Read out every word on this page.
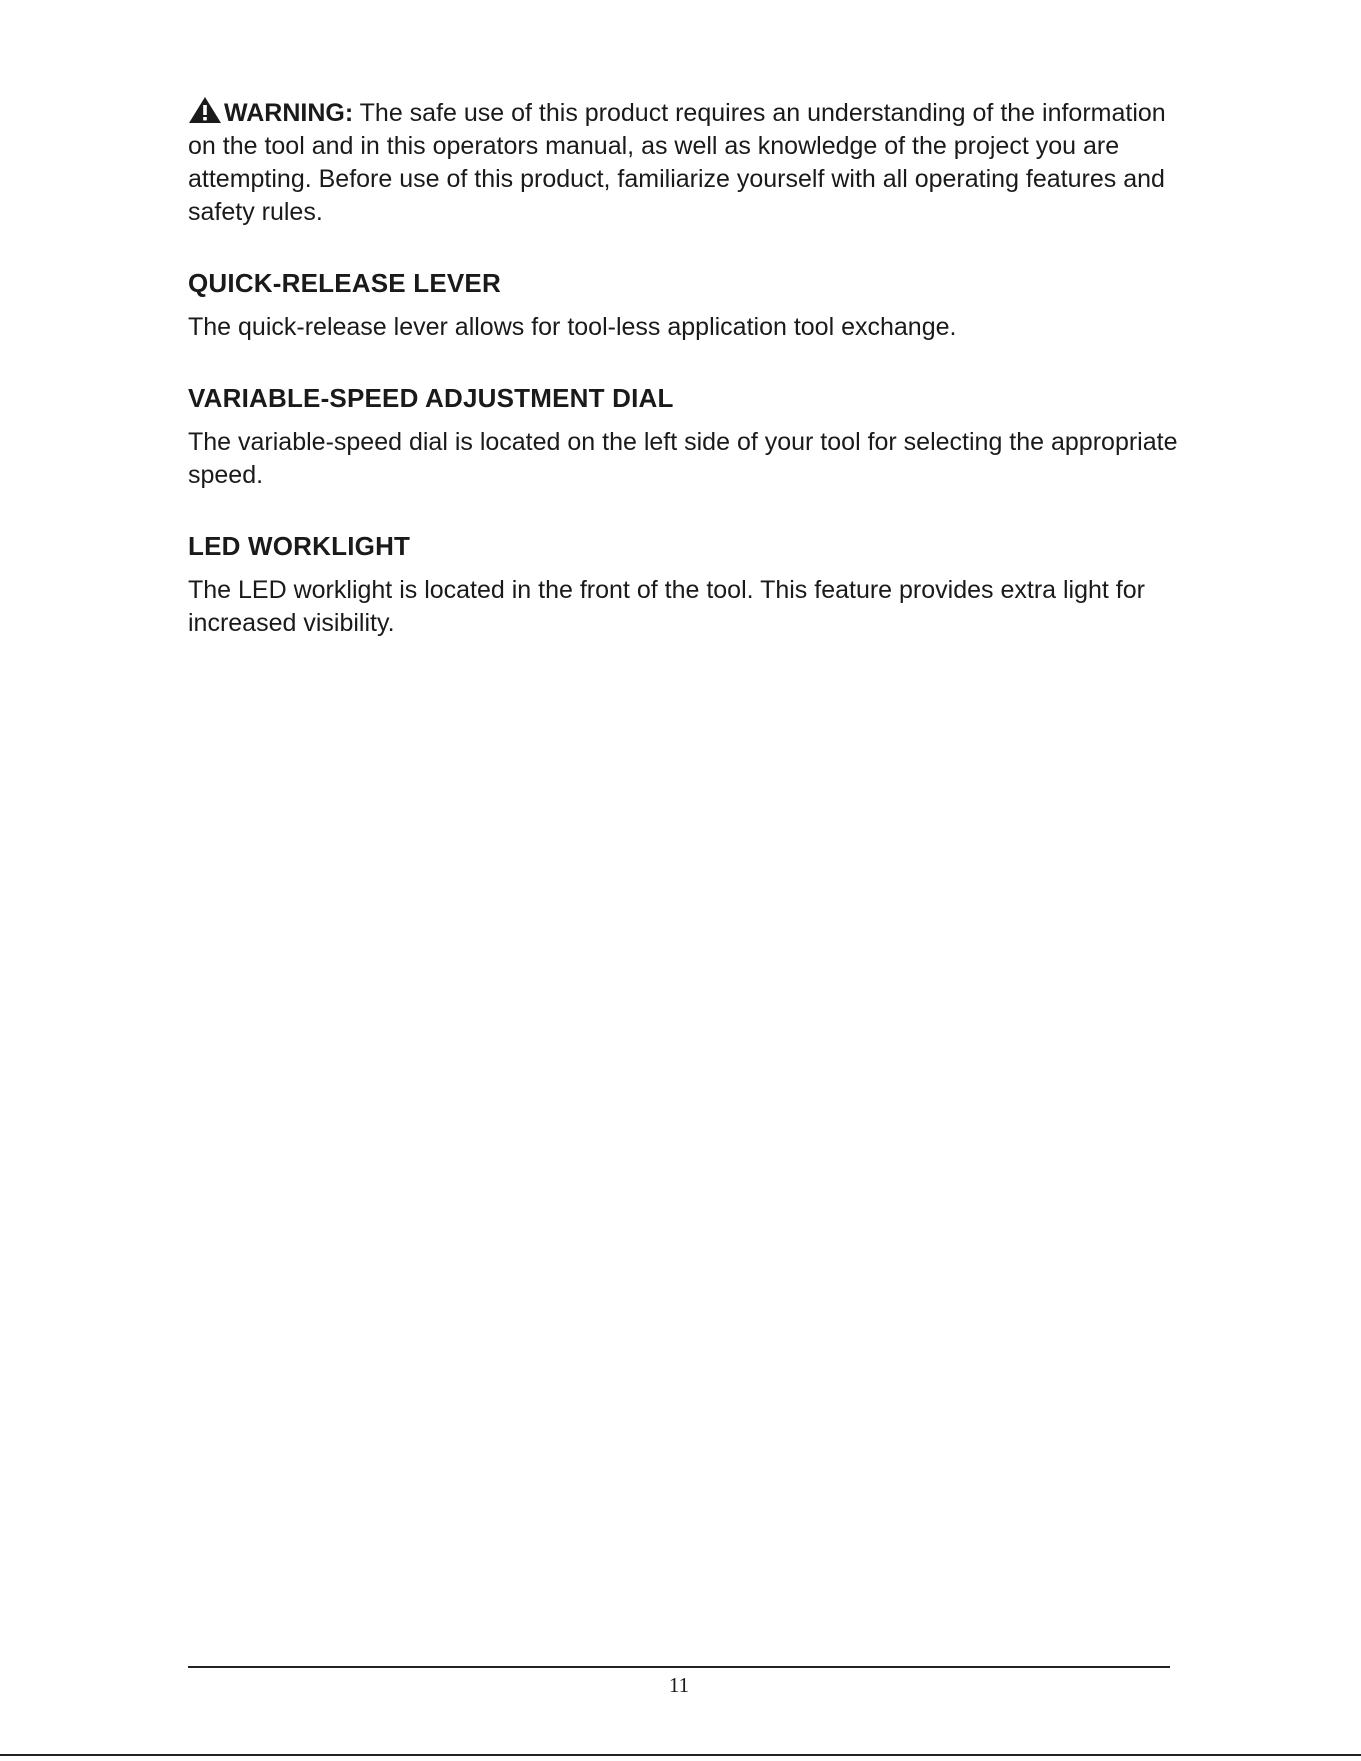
WARNING: The safe use of this product requires an understanding of the information on the tool and in this operators manual, as well as knowledge of the project you are attempting. Before use of this product, familiarize yourself with all operating features and safety rules.

QUICK-RELEASE LEVER

The quick-release lever allows for tool-less application tool exchange.

VARIABLE-SPEED ADJUSTMENT DIAL

The variable-speed dial is located on the left side of your tool for selecting the appropriate speed.

LED WORKLIGHT

The LED worklight is located in the front of the tool. This feature provides extra light for increased visibility.

11
